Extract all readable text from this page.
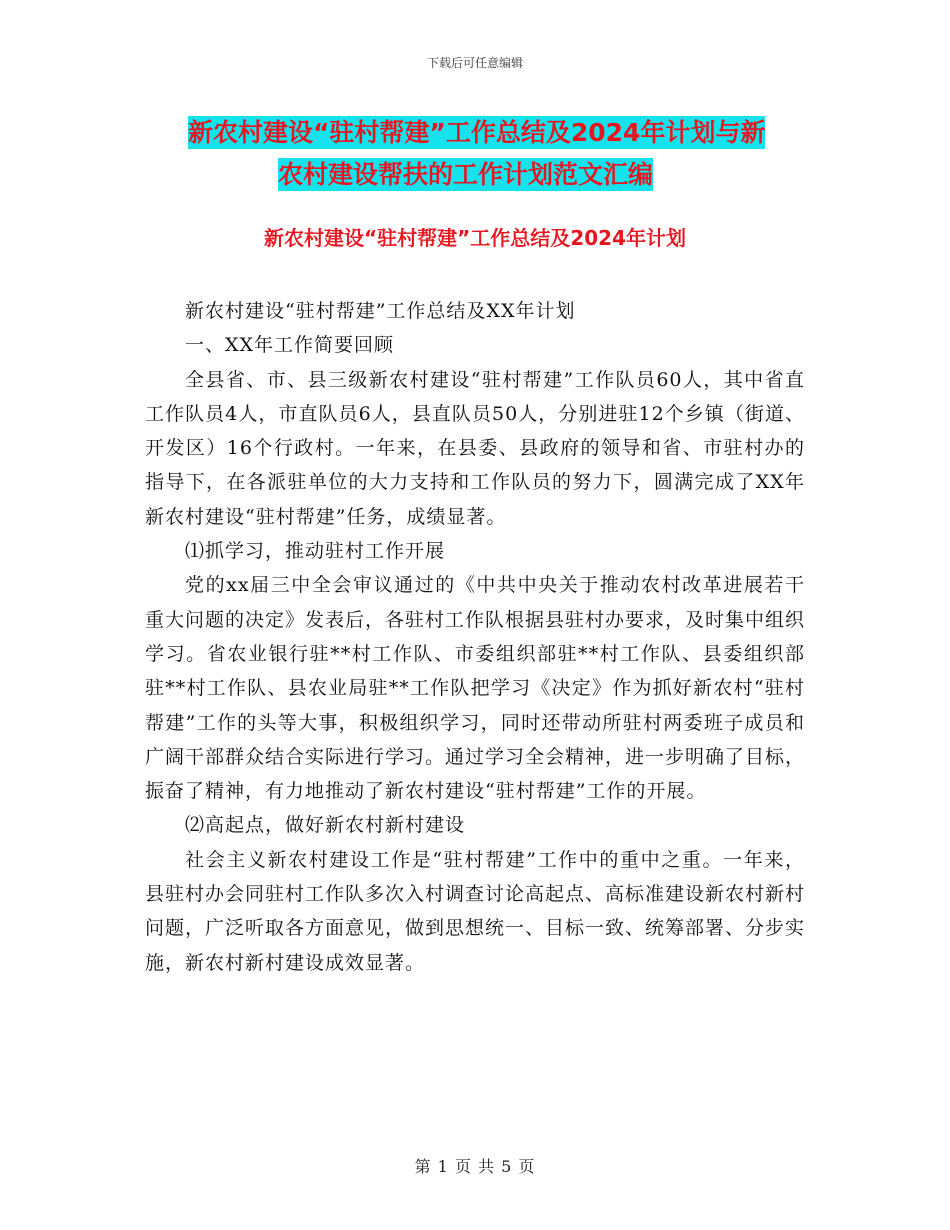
下载后可任意编辑
新农村建设“驻村帮建”工作总结及2024年计划与新
农村建设帮扶的工作计划范文汇编
新农村建设“驻村帮建”工作总结及2024年计划

新农村建设“驻村帮建”工作总结及XX年计划

一、XX年工作简要回顾

全县省、市、县三级新农村建设“驻村帮建”工作队员60人，其中省直工作队员4人，市直队员6人，县直队员50人，分别进驻12个乡镇（街道、开发区）16个行政村。一年来，在县委、县政府的领导和省、市驻村办的指导下，在各派驻单位的大力支持和工作队员的努力下，圆满完成了XX年新农村建设“驻村帮建”任务，成绩显著。

⑴抓学习，推动驻村工作开展

党的xx届三中全会审议通过的《中共中央关于推动农村改革进展若干重大问题的决定》发表后，各驻村工作队根据县驻村办要求，及时集中组织学习。省农业银行驻**村工作队、市委组织部驻**村工作队、县委组织部驻**村工作队、县农业局驻**工作队把学习《决定》作为抓好新农村“驻村帮建”工作的头等大事，积极组织学习，同时还带动所驻村两委班子成员和广阔干部群众结合实际进行学习。通过学习全会精神，进一步明确了目标，振奋了精神，有力地推动了新农村建设“驻村帮建”工作的开展。

⑵高起点，做好新农村新村建设

社会主义新农村建设工作是“驻村帮建”工作中的重中之重。一年来，县驻村办会同驻村工作队多次入村调查讨论高起点、高标准建设新农村新村问题，广泛听取各方面意见，做到思想统一、目标一致、统筹部署、分步实施，新农村新村建设成效显著。

第 1 页 共 5 页
